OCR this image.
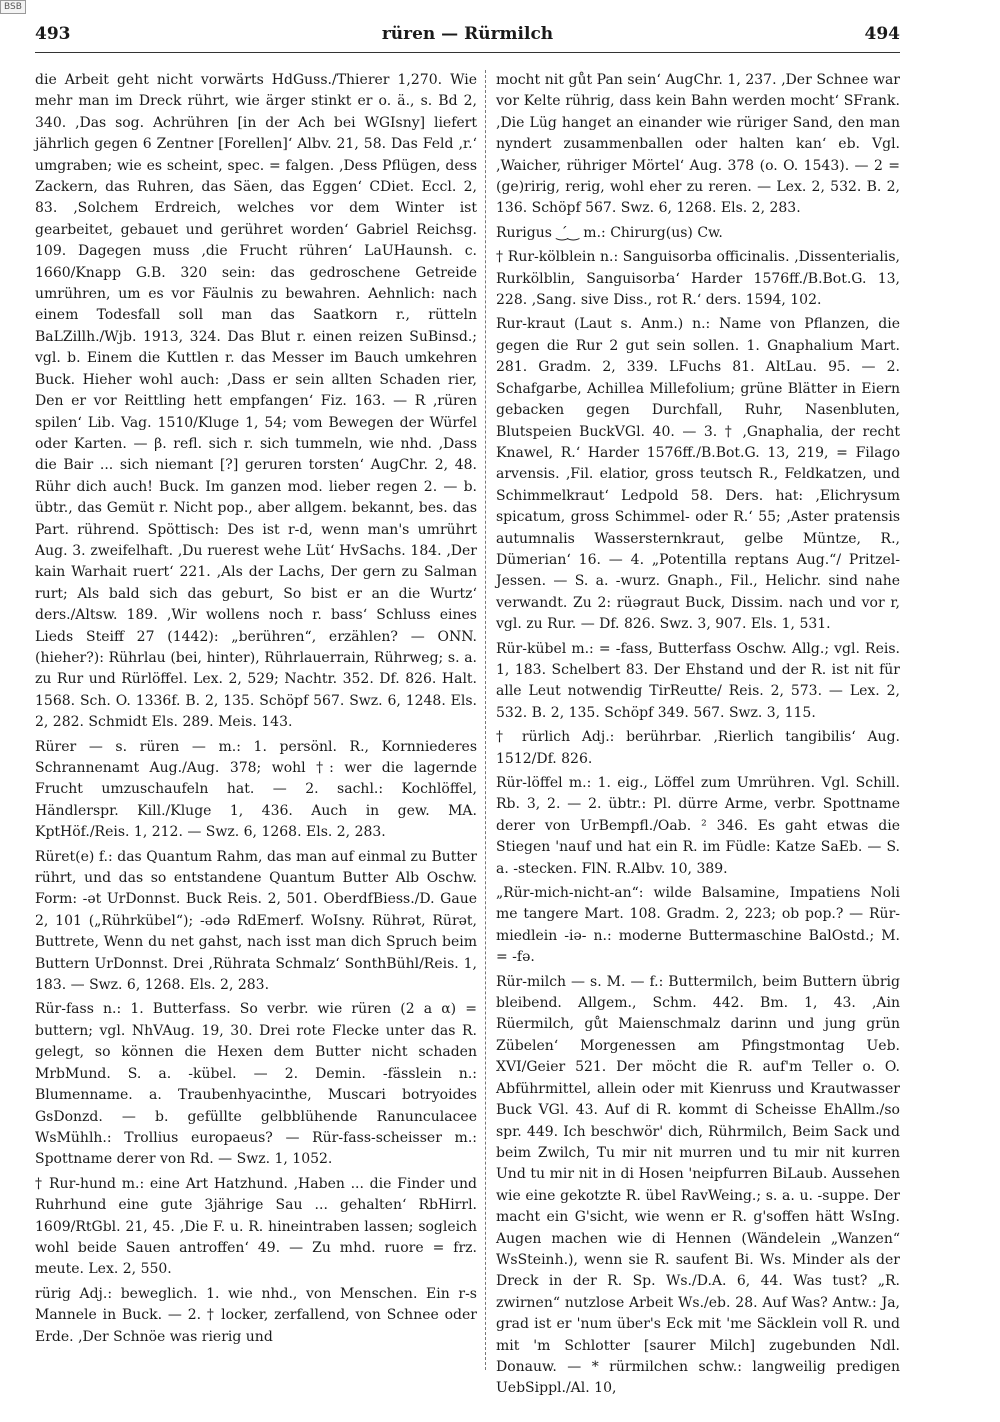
BSB
493	rüren — Rürmilch	494

die Arbeit geht nicht vorwärts HdGuss./Thierer 1,270. Wie mehr man im Dreck rührt, wie ärger stinkt er o. ä., s. Bd 2, 340. ‚Das sog. Achrühren [in der Ach bei WGIsny] liefert jährlich gegen 6 Zentner [Forellen]‘ Albv. 21, 58. Das Feld ‚r.‘ umgraben; wie es scheint, spec. = falgen. ‚Dess Pflügen, dess Zackern, das Ruhren, das Säen, das Eggen‘ CDiet. Eccl. 2, 83. ‚Solchem Erdreich, welches vor dem Winter ist gearbeitet, gebauet und gerühret worden‘ Gabriel Reichsg. 109. Dagegen muss ‚die Frucht rühren‘ LaUHaunsh. c. 1660/Knapp G.B. 320 sein: das gedroschene Getreide umrühren, um es vor Fäulnis zu bewahren. Aehnlich: nach einem Todesfall soll man das Saatkorn r., rütteln BaLZillh./Wjb. 1913, 324. Das Blut r. einen reizen SuBinsd.; vgl. b. Einem die Kuttlen r. das Messer im Bauch umkehren Buck. Hieher wohl auch: ‚Dass er sein allten Schaden rier, Den er vor Reittling hett empfangen‘ Fiz. 163. — R ‚rüren spilen‘ Lib. Vag. 1510/Kluge 1, 54; vom Bewegen der Würfel oder Karten. — β. refl. sich r. sich tummeln, wie nhd. ‚Dass die Bair ... sich niemant [?] geruren torsten‘ AugChr. 2, 48. Rühr dich auch! Buck. Im ganzen mod. lieber regen 2. — b. übtr., das Gemüt r. Nicht pop., aber allgem. bekannt, bes. das Part. rührend. Spöttisch: Des ist r-d, wenn man's umrührt Aug. 3. zweifelhaft. ‚Du ruerest wehe Lüt‘ HvSachs. 184. ‚Der kain Warhait ruert‘ 221. ‚Als der Lachs, Der gern zu Salman rurt; Als bald sich das geburt, So bist er an die Wurtz‘ ders./Altsw. 189. ‚Wir wollens noch r. bass‘ Schluss eines Lieds Steiff 27 (1442): „berühren“, erzählen? — ONN. (hieher?): Rührlau (bei, hinter), Rührlauerrain, Rührweg; s. a. zu Rur und Rürlöffel. Lex. 2, 529; Nachtr. 352. Df. 826. Halt. 1568. Sch. O. 1336f. B. 2, 135. Schöpf 567. Swz. 6, 1248. Els. 2, 282. Schmidt Els. 289. Meis. 143.

Rürer — s. rüren — m.: 1. persönl. R., Kornniederes Schrannenamt Aug./Aug. 378; wohl †: wer die lagernde Frucht umzuschaufeln hat. — 2. sachl.: Kochlöffel, Händlerspr. Kill./Kluge 1, 436. Auch in gew. MA. KptHöf./Reis. 1, 212. — Swz. 6, 1268. Els. 2, 283.

Rüret(e) f.: das Quantum Rahm, das man auf einmal zu Butter rührt, und das so entstandene Quantum Butter Alb Oschw. Form: -ət UrDonnst. Buck Reis. 2, 501. OberdfBiess./D. Gaue 2, 101 („Rührkübel“); -ədə RdEmerf. WoIsny. Rührət, Rürət, Buttrete, Wenn du net gahst, nach isst man dich Spruch beim Buttern UrDonnst. Drei ‚Rührata Schmalz‘ SonthBühl/Reis. 1, 183. — Swz. 6, 1268. Els. 2, 283.

Rür-fass n.: 1. Butterfass. So verbr. wie rüren (2 a α) = buttern; vgl. NhVAug. 19, 30. Drei rote Flecke unter das R. gelegt, so können die Hexen dem Butter nicht schaden MrbMund. S. a. -kübel. — 2. Demin. -fässlein n.: Blumenname. a. Traubenhyacinthe, Muscari botryoides GsDonzd. — b. gefüllte gelbblühende Ranunculacee WsMühlh.: Trollius europaeus? — Rür-fass-scheisser m.: Spottname derer von Rd. — Swz. 1, 1052.

† Rur-hund m.: eine Art Hatzhund. ‚Haben ... die Finder und Ruhrhund eine gute 3jährige Sau ... gehalten‘ RbHirrl. 1609/RtGbl. 21, 45. ‚Die F. u. R. hineintraben lassen; sogleich wohl beide Sauen antroffen‘ 49. — Zu mhd. ruore = frz. meute. Lex. 2, 550.

rürig Adj.: beweglich. 1. wie nhd., von Menschen. Ein r-s Mannele in Buck. — 2. † locker, zerfallend, von Schnee oder Erde. ‚Der Schnöe was rierig und

mocht nit gůt Pan sein‘ AugChr. 1, 237. ‚Der Schnee war vor Kelte rührig, dass kein Bahn werden mocht‘ SFrank. ‚Die Lüg hanget an einander wie rüriger Sand, den man nyndert zusammenballen oder halten kan‘ eb. Vgl. ‚Waicher, rühriger Mörtel‘ Aug. 378 (o. O. 1543). — 2 = (ge)ririg, rerig, wohl eher zu reren. — Lex. 2, 532. B. 2, 136. Schöpf 567. Swz. 6, 1268. Els. 2, 283.

Rurigus ‿́‿ m.: Chirurg(us) Cw.

† Rur-kölblein n.: Sanguisorba officinalis. ‚Dissenterialis, Rurkölblin, Sanguisorba‘ Harder 1576ff./B.Bot.G. 13, 228. ‚Sang. sive Diss., rot R.‘ ders. 1594, 102.

Rur-kraut (Laut s. Anm.) n.: Name von Pflanzen, die gegen die Rur 2 gut sein sollen. 1. Gnaphalium Mart. 281. Gradm. 2, 339. LFuchs 81. AltLau. 95. — 2. Schafgarbe, Achillea Millefolium; grüne Blätter in Eiern gebacken gegen Durchfall, Ruhr, Nasenbluten, Blutspeien BuckVGl. 40. — 3. † ‚Gnaphalia, der recht Knawel, R.‘ Harder 1576ff./B.Bot.G. 13, 219, = Filago arvensis. ‚Fil. elatior, gross teutsch R., Feldkatzen, und Schimmelkraut‘ Ledpold 58. Ders. hat: ‚Elichrysum spicatum, gross Schimmel- oder R.‘ 55; ‚Aster pratensis autumnalis Wassersternkraut, gelbe Müntze, R., Dümerian‘ 16. — 4. „Potentilla reptans Aug.“/ Pritzel-Jessen. — S. a. -wurz. Gnaph., Fil., Helichr. sind nahe verwandt. Zu 2: rüəgraut Buck, Dissim. nach und vor r, vgl. zu Rur. — Df. 826. Swz. 3, 907. Els. 1, 531.

Rür-kübel m.: = -fass, Butterfass Oschw. Allg.; vgl. Reis. 1, 183. Schelbert 83. Der Ehstand und der R. ist nit für alle Leut notwendig TirReutte/ Reis. 2, 573. — Lex. 2, 532. B. 2, 135. Schöpf 349. 567. Swz. 3, 115.

† rürlich Adj.: berührbar. ‚Rierlich tangibilis‘ Aug. 1512/Df. 826.

Rür-löffel m.: 1. eig., Löffel zum Umrühren. Vgl. Schill. Rb. 3, 2. — 2. übtr.: Pl. dürre Arme, verbr. Spottname derer von UrBempfl./Oab. ² 346. Es gaht etwas die Stiegen 'nauf und hat ein R. im Füdle: Katze SaEb. — S. a. -stecken. FlN. R.Albv. 10, 389.

„Rür-mich-nicht-an“: wilde Balsamine, Impatiens Noli me tangere Mart. 108. Gradm. 2, 223; ob pop.? — Rür-miedlein -iə- n.: moderne Buttermaschine BalOstd.; M. = -fə.

Rür-milch — s. M. — f.: Buttermilch, beim Buttern übrig bleibend. Allgem., Schm. 442. Bm. 1, 43. ‚Ain Rüermilch, gůt Maienschmalz darinn und jung grün Zübelen‘ Morgenessen am Pfingstmontag Ueb. XVI/Geier 521. Der möcht die R. auf'm Teller o. O. Abführmittel, allein oder mit Kienruss und Krautwasser Buck VGl. 43. Auf di R. kommt di Scheisse EhAllm./so spr. 449. Ich beschwör' dich, Rührmilch, Beim Sack und beim Zwilch, Tu mir nit murren und tu mir nit kurren Und tu mir nit in di Hosen 'neipfurren BiLaub. Aussehen wie eine gekotzte R. übel RavWeing.; s. a. u. -suppe. Der macht ein G'sicht, wie wenn er R. g'soffen hätt WsIng. Augen machen wie di Hennen (Wändelein „Wanzen“ WsSteinh.), wenn sie R. saufent Bi. Ws. Minder als der Dreck in der R. Sp. Ws./D.A. 6, 44. Was tust? „R. zwirnen“ nutzlose Arbeit Ws./eb. 28. Auf Was? Antw.: Ja, grad ist er 'num über's Eck mit 'me Säcklein voll R. und mit 'm Schlotter [saurer Milch] zugebunden Ndl. Donauw. — * rürmilchen schw.: langweilig predigen UebSippl./Al. 10,
